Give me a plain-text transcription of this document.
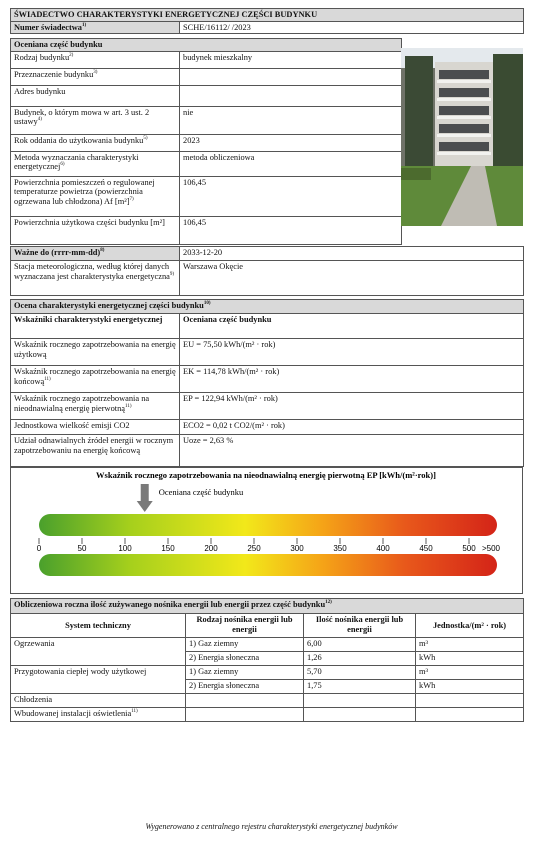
ŚWIADECTWO CHARAKTERYSTYKI ENERGETYCZNEJ CZĘŚCI BUDYNKU
Numer świadectwa$^{1)}$	SCHE/16112/ /2023
Oceniana część budynku	
Rodzaj budynku$^{2)}$	budynek mieszkalny
Przeznaczenie budynku$^{3)}$	
Adres budynku	
Budynek, o którym mowa w art. 3 ust. 2 ustawy$^{4)}$	nie
Rok oddania do użytkowania budynku$^{5)}$	2023
Metoda wyznaczania charakterystyki energetycznej$^{6)}$	metoda obliczeniowa
Powierzchnia pomieszczeń o regulowanej temperaturze powietrza (powierzchnia ogrzewana lub chłodzona) Af $[m^2]^{7)}$	106,45
Powierzchnia użytkowa części budynku [m²]	106,45
Ważne do (rrrr-mm-dd)$^{8)}$	2033-12-20
Stacja meteorologiczna, według której danych wyznaczana jest charakterystyka energetyczna$^{9)}$	Warszawa Okęcie
Ocena charakterystyki energetycznej części budynku$^{10)}$
Wskaźniki charakterystyki energetycznej	Oceniana część budynku
Wskaźnik rocznego zapotrzebowania na energię użytkową	EU = 75,50 kWh/(m² · rok)
Wskaźnik rocznego zapotrzebowania na energię końcową$^{11)}$	EK = 114,78 kWh/(m² · rok)
Wskaźnik rocznego zapotrzebowania na nieodnawialną energię pierwotną$^{11)}$	EP = 122,94 kWh/(m² · rok)
Jednostkowa wielkość emisji CO2	ECO2 = 0,02 t CO2/(m² · rok)
Udział odnawialnych źródeł energii w rocznym zapotrzebowaniu na energię końcową	Uoze = 2,63 %
Wskaźnik rocznego zapotrzebowania na nieodnawialną energię pierwotną EP [kWh/(m²·rok)]
Oceniana część budynku
0	50	100	150	200	250	300	350	400	450	500 >500
Obliczeniowa roczna ilość zużywanego nośnika energii lub energii przez część budynku$^{12)}$
System techniczny	Rodzaj nośnika energii lub energii	Ilość nośnika energii lub energii	Jednostka/(m² · rok)
Ogrzewania	1) Gaz ziemny	6,00	m³
	2) Energia słoneczna	1,26	kWh
Przygotowania ciepłej wody użytkowej	1) Gaz ziemny	5,70	m³
	2) Energia słoneczna	1,75	kWh
Chłodzenia			
Wbudowanej instalacji oświetlenia$^{11)}$			
Wygenerowano z centralnego rejestru charakterystyki energetycznej budynków
